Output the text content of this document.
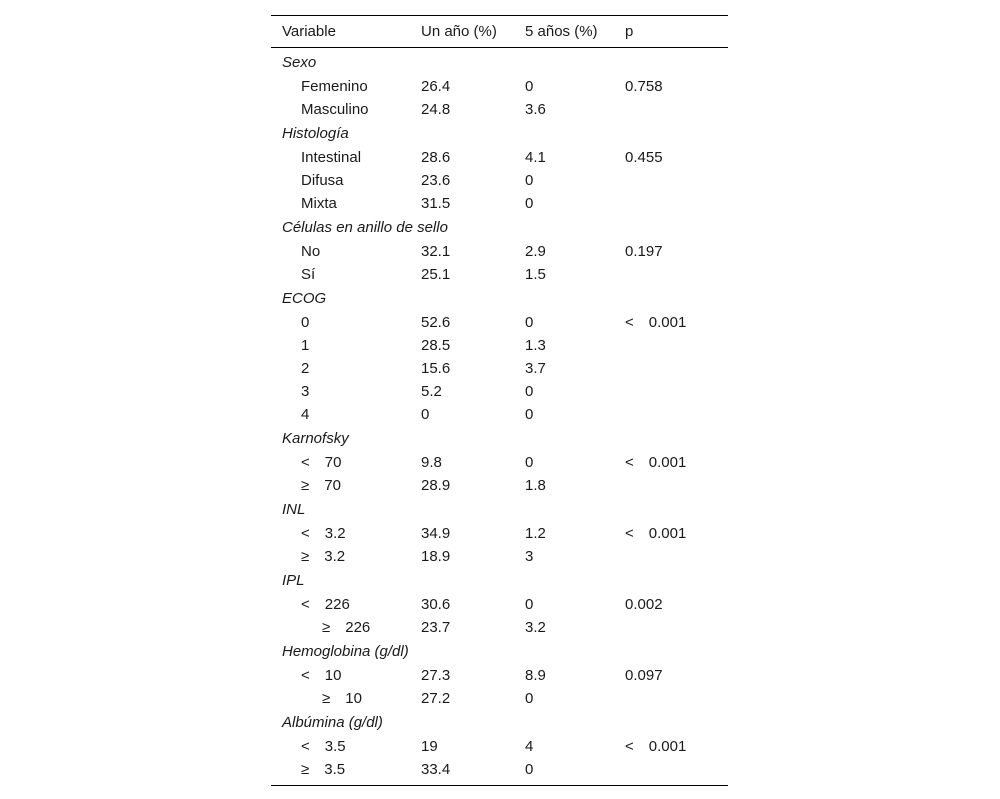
Variable	Un año (%)	5 años (%)	p
Sexo			
Femenino	26.4	0	0.758
Masculino	24.8	3.6	
Histología			
Intestinal	28.6	4.1	0.455
Difusa	23.6	0	
Mixta	31.5	0	
Células en anillo de sello			
No	32.1	2.9	0.197
Sí	25.1	1.5	
ECOG			
0	52.6	0	< 0.001
1	28.5	1.3	
2	15.6	3.7	
3	5.2	0	
4	0	0	
Karnofsky			
< 70	9.8	0	< 0.001
≥ 70	28.9	1.8	
INL			
< 3.2	34.9	1.2	< 0.001
≥ 3.2	18.9	3	
IPL			
< 226	30.6	0	0.002
≥ 226	23.7	3.2	
Hemoglobina (g/dl)			
< 10	27.3	8.9	0.097
≥ 10	27.2	0	
Albúmina (g/dl)			
< 3.5	19	4	< 0.001
≥ 3.5	33.4	0	
